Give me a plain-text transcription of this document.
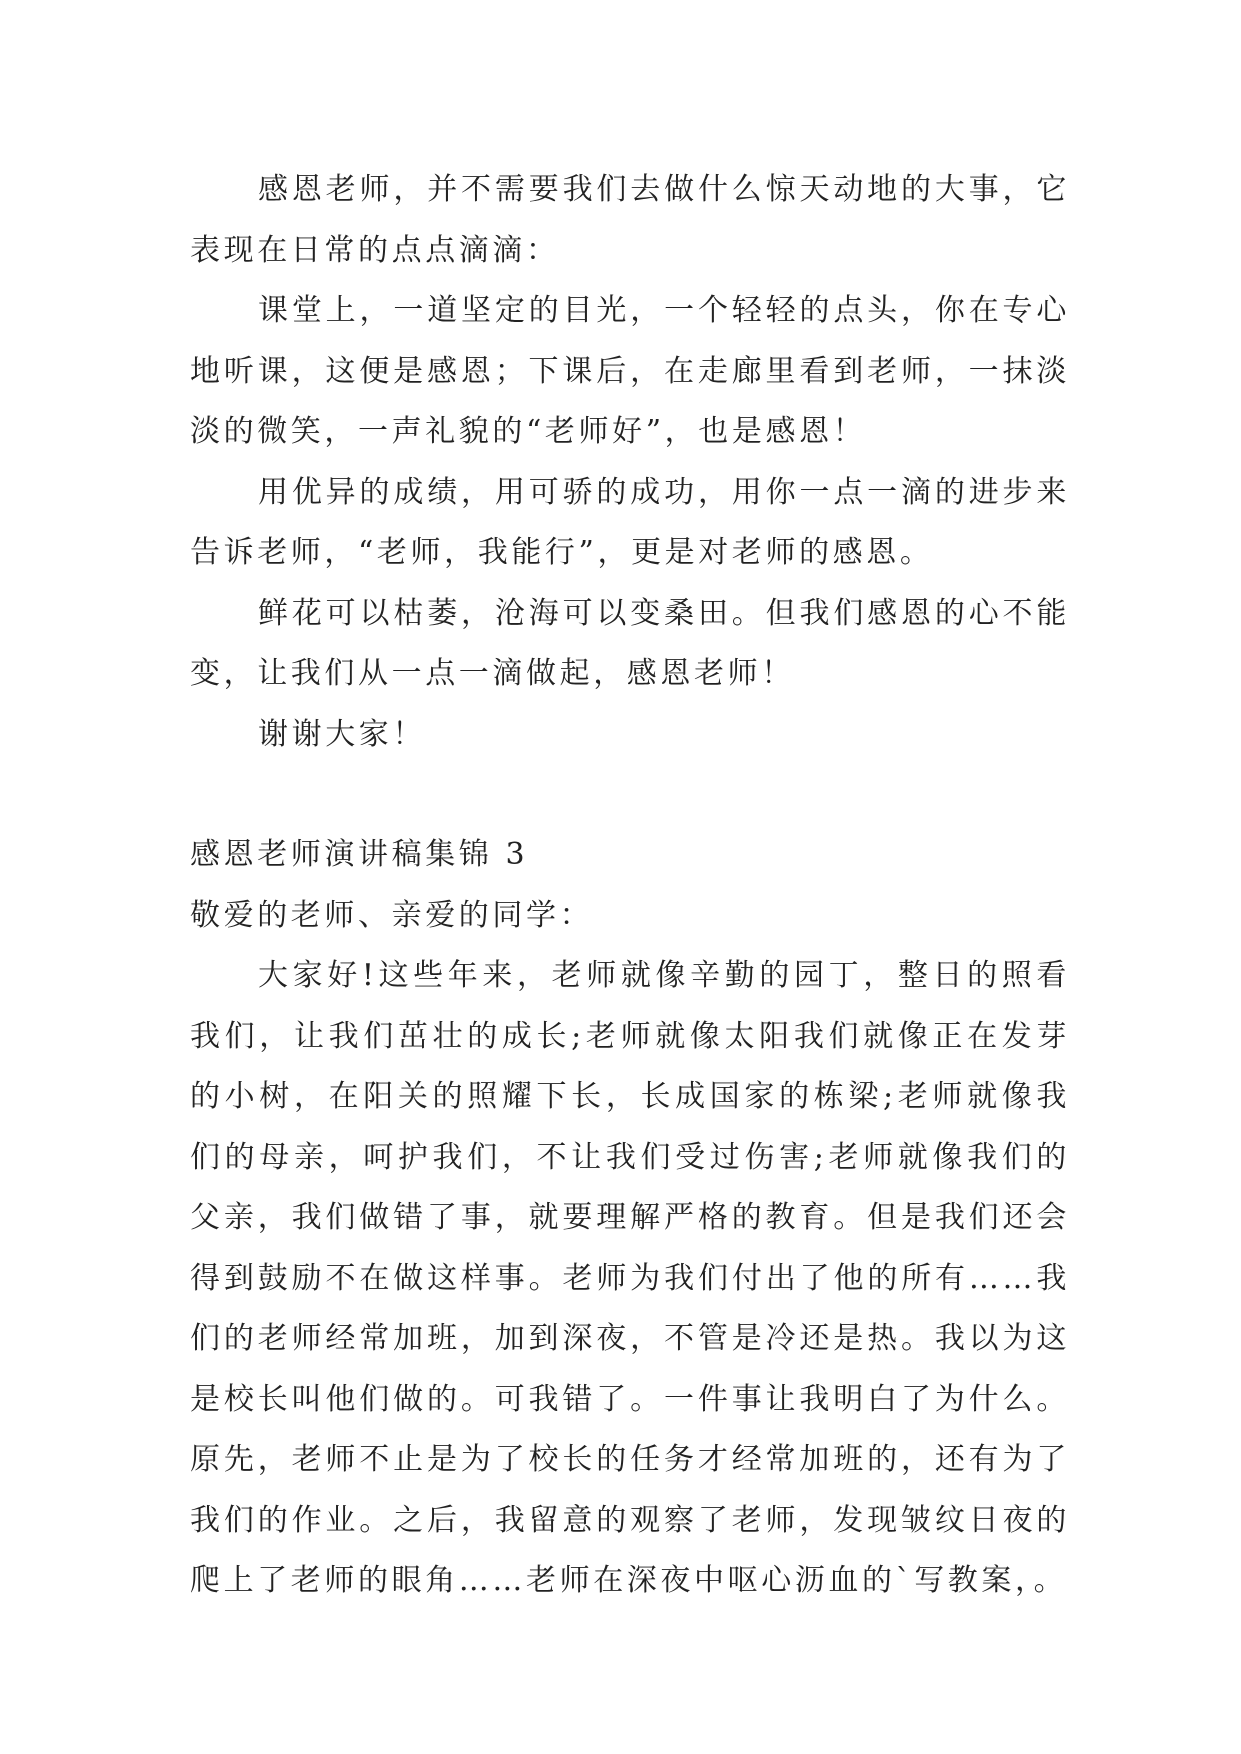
感恩老师，并不需要我们去做什么惊天动地的大事，它表现在日常的点点滴滴：

课堂上，一道坚定的目光，一个轻轻的点头，你在专心地听课，这便是感恩；下课后，在走廊里看到老师，一抹淡淡的微笑，一声礼貌的“老师好”，也是感恩！

用优异的成绩，用可骄的成功，用你一点一滴的进步来告诉老师，“老师，我能行”，更是对老师的感恩。

鲜花可以枯萎，沧海可以变桑田。但我们感恩的心不能变，让我们从一点一滴做起，感恩老师！

谢谢大家！

感恩老师演讲稿集锦 3

敬爱的老师、亲爱的同学：

大家好!这些年来，老师就像辛勤的园丁，整日的照看我们，让我们茁壮的成长;老师就像太阳我们就像正在发芽的小树，在阳关的照耀下长，长成国家的栋梁;老师就像我们的母亲，呵护我们，不让我们受过伤害;老师就像我们的父亲，我们做错了事，就要理解严格的教育。但是我们还会得到鼓励不在做这样事。老师为我们付出了他的所有……我们的老师经常加班，加到深夜，不管是冷还是热。我以为这是校长叫他们做的。可我错了。一件事让我明白了为什么。原先，老师不止是为了校长的任务才经常加班的，还有为了我们的作业。之后，我留意的观察了老师，发现皱纹日夜的爬上了老师的眼角……老师在深夜中呕心沥血的`写教案，。
